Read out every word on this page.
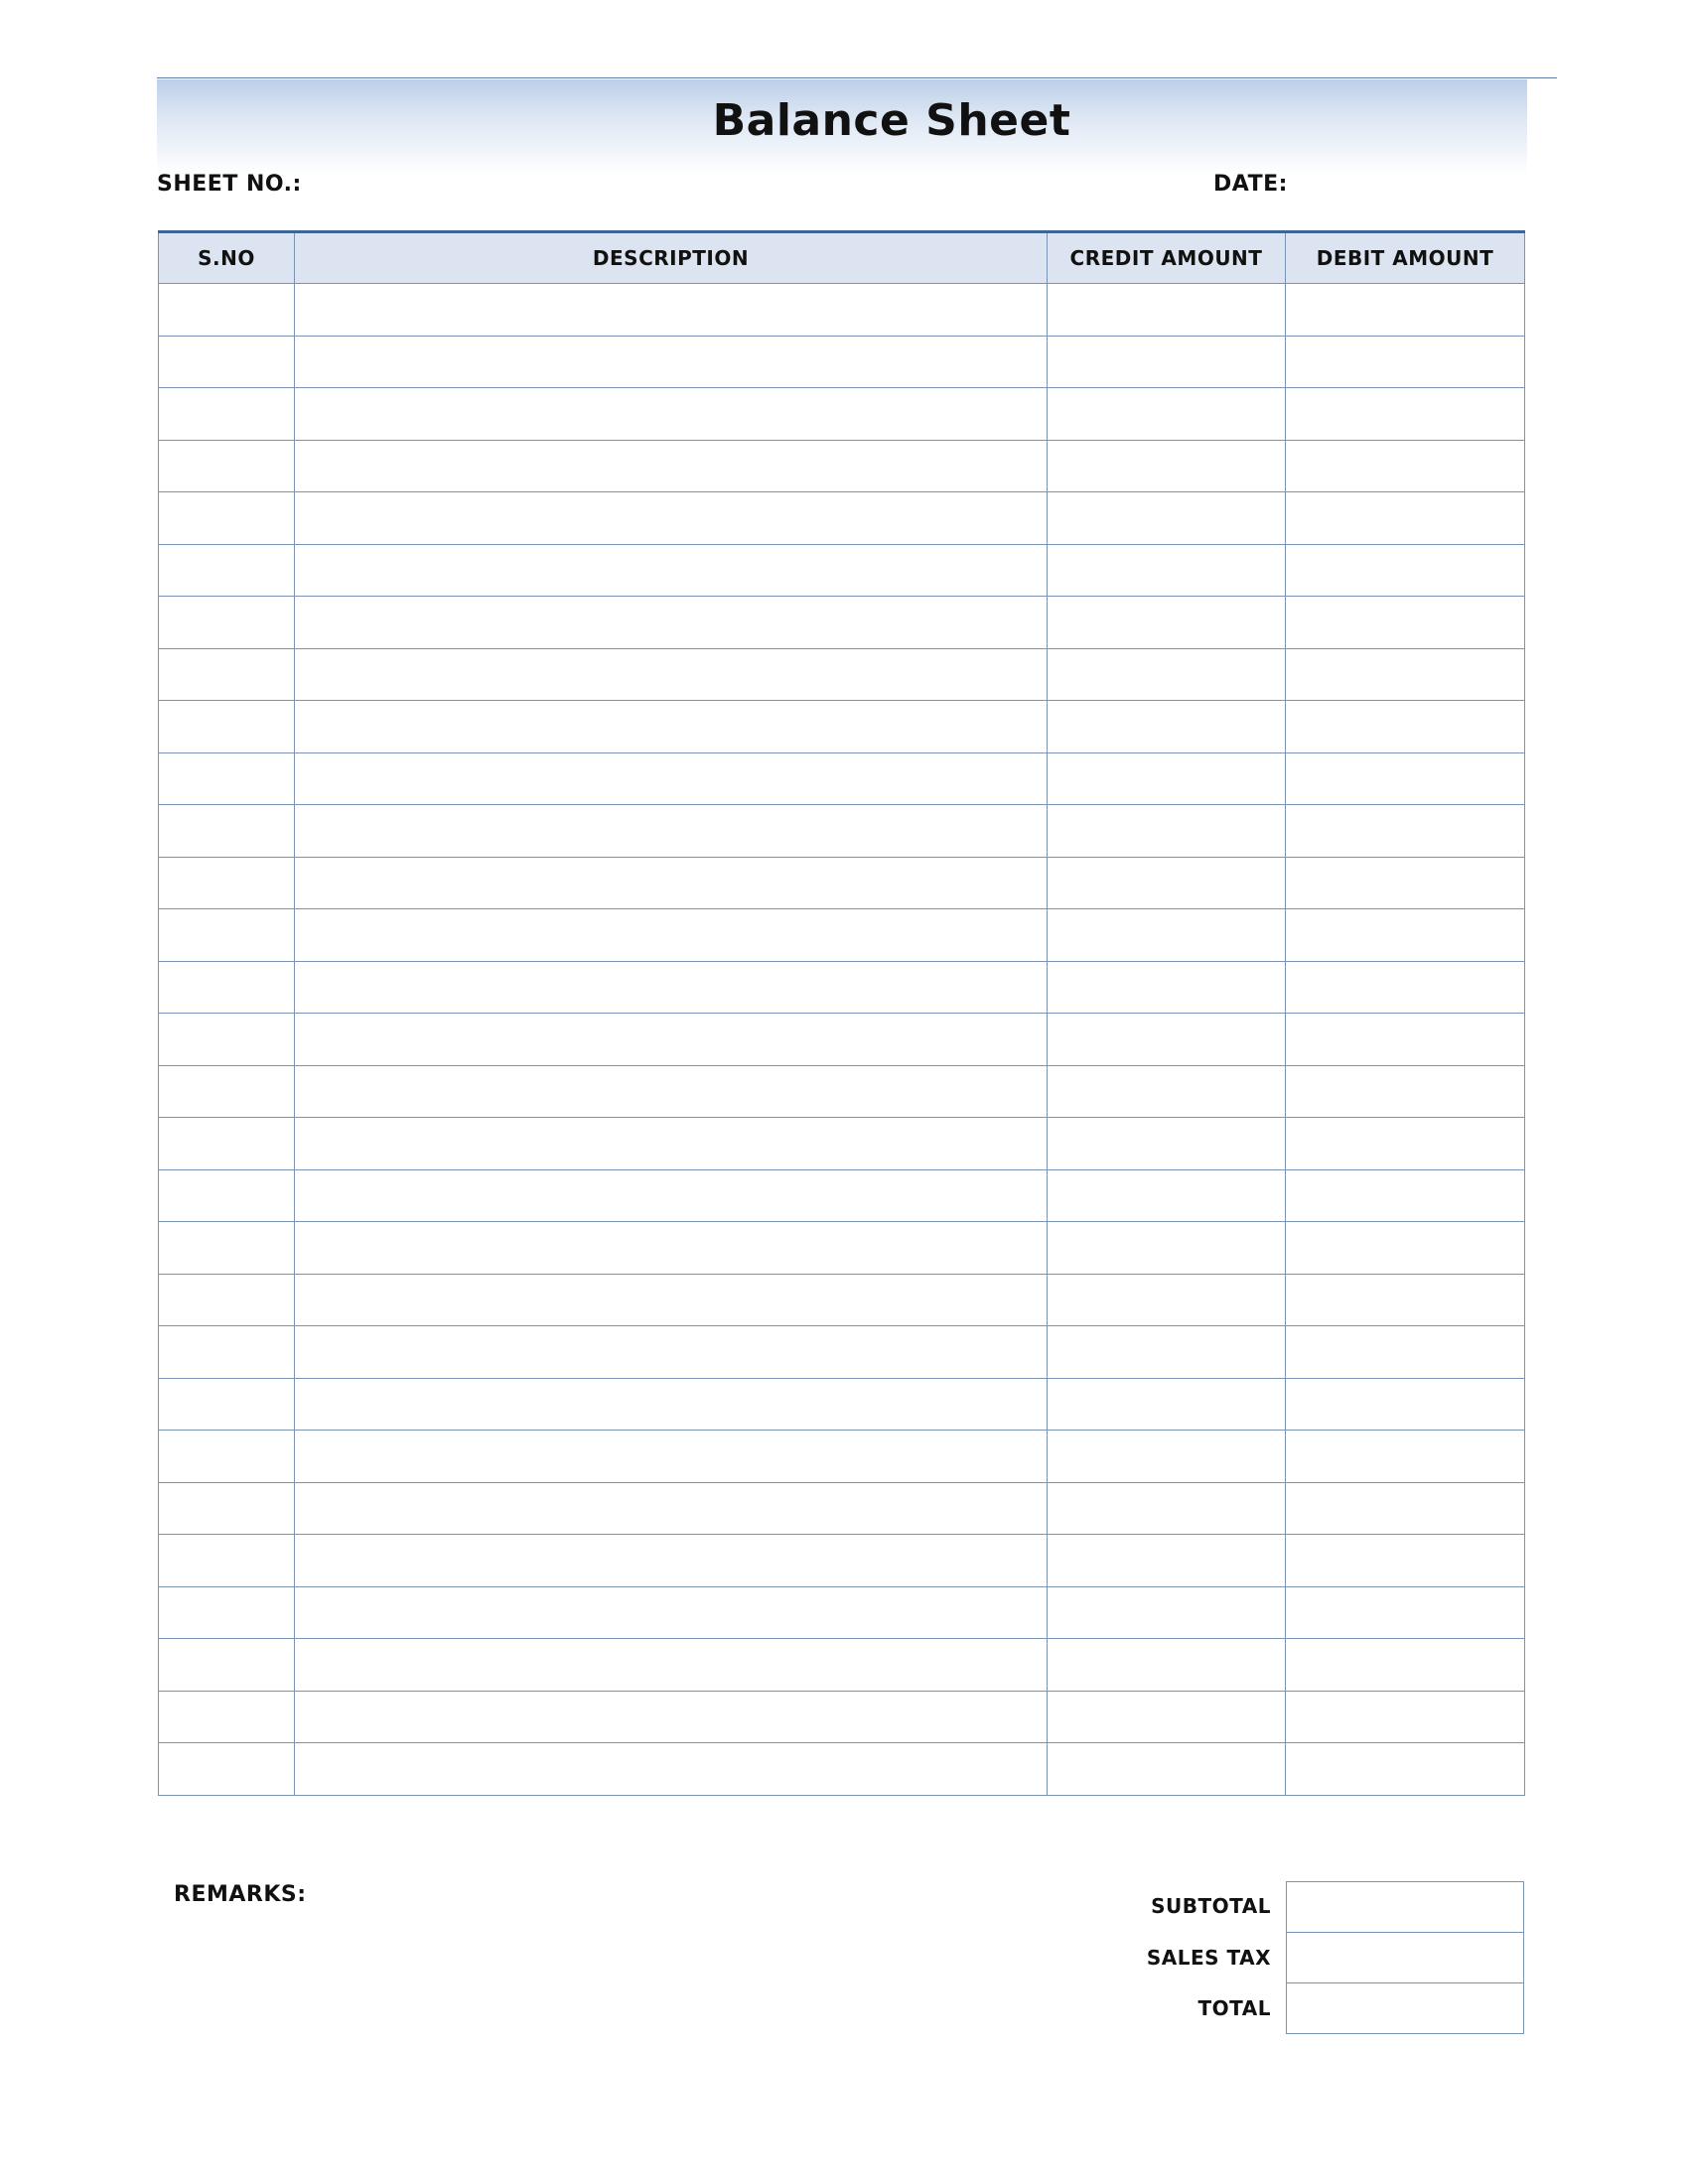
Balance Sheet
SHEET NO.:	DATE:
S.NO	DESCRIPTION	CREDIT AMOUNT	DEBIT AMOUNT

REMARKS:	SUBTOTAL
SALES TAX
TOTAL
